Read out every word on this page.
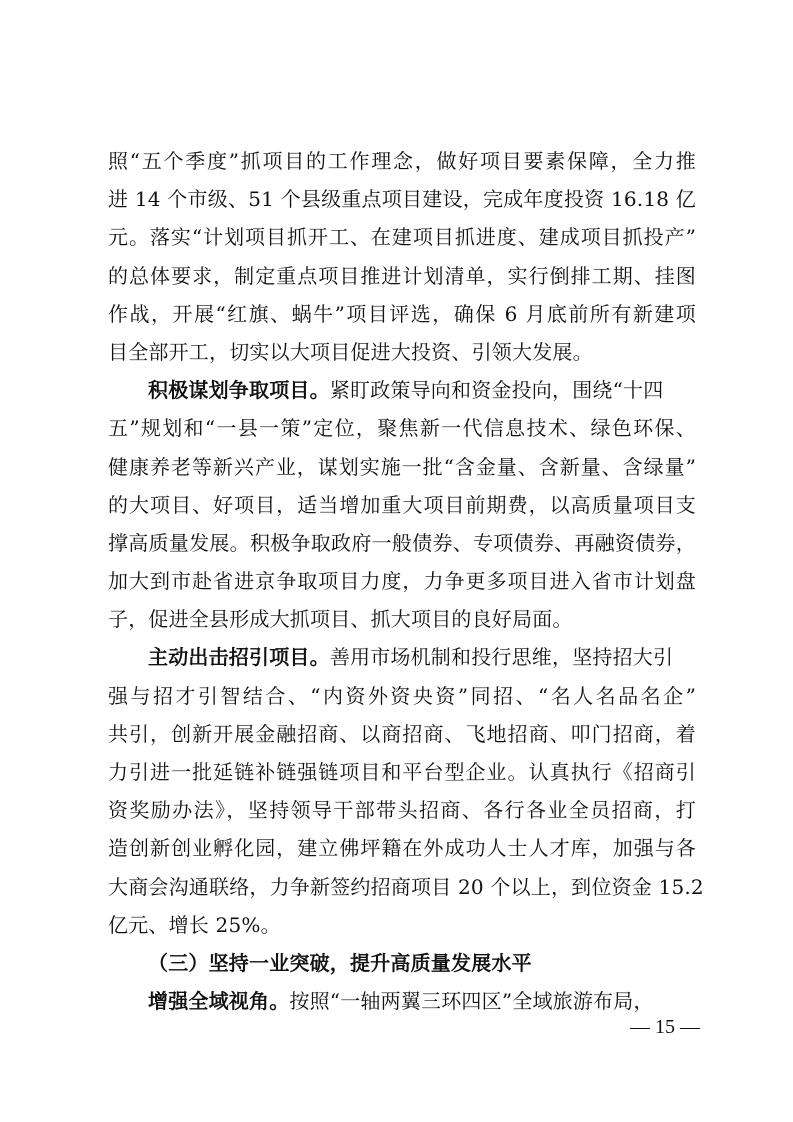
照“五个季度”抓项目的工作理念，做好项目要素保障，全力推
进 14 个市级、51 个县级重点项目建设，完成年度投资 16.18 亿
元。落实“计划项目抓开工、在建项目抓进度、建成项目抓投产”
的总体要求，制定重点项目推进计划清单，实行倒排工期、挂图
作战，开展“红旗、蜗牛”项目评选，确保 6 月底前所有新建项
目全部开工，切实以大项目促进大投资、引领大发展。
积极谋划争取项目。紧盯政策导向和资金投向，围绕“十四
五”规划和“一县一策”定位，聚焦新一代信息技术、绿色环保、
健康养老等新兴产业，谋划实施一批“含金量、含新量、含绿量”
的大项目、好项目，适当增加重大项目前期费，以高质量项目支
撑高质量发展。积极争取政府一般债券、专项债券、再融资债券，
加大到市赴省进京争取项目力度，力争更多项目进入省市计划盘
子，促进全县形成大抓项目、抓大项目的良好局面。
主动出击招引项目。善用市场机制和投行思维，坚持招大引
强与招才引智结合、“内资外资央资”同招、“名人名品名企”
共引，创新开展金融招商、以商招商、飞地招商、叩门招商，着
力引进一批延链补链强链项目和平台型企业。认真执行《招商引
资奖励办法》，坚持领导干部带头招商、各行各业全员招商，打
造创新创业孵化园，建立佛坪籍在外成功人士人才库，加强与各
大商会沟通联络，力争新签约招商项目 20 个以上，到位资金 15.2
亿元、增长 25%。
（三）坚持一业突破，提升高质量发展水平
增强全域视角。按照“一轴两翼三环四区”全域旅游布局，
— 15 —
